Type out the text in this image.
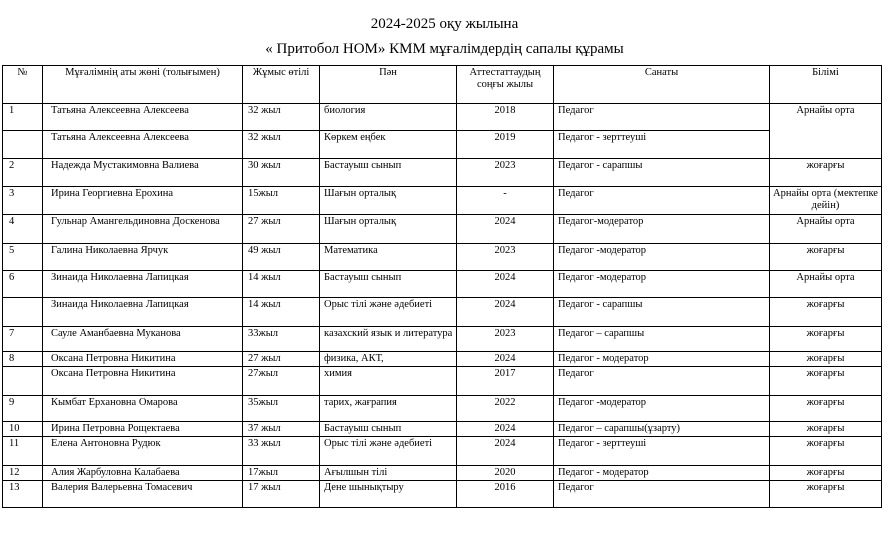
2024-2025 оқу жылына
« Притобол НОМ» КММ мұғалімдердің сапалы құрамы
№	Мұғалімнің аты жөні (толығымен)	Жұмыс өтілі	Пән	Аттестаттаудың соңғы жылы	Санаты	Білімі
1	Татьяна Алексеевна Алексеева	32 жыл	биология	2018	Педагог	Арнайы орта
	Татьяна Алексеевна Алексеева	32 жыл	Көркем еңбек	2019	Педагог - зерттеуші	
2	Надежда Мустакимовна Валиева	30 жыл	Бастауыш сынып	2023	Педагог - сарапшы	жоғарғы
3	Ирина Георгиевна Ерохина	15жыл	Шағын орталық	-	Педагог	Арнайы орта (мектепке дейін)
4	Гульнар Амангельдиновна Доскенова	27 жыл	Шағын орталық	2024	Педагог-модератор	Арнайы орта
5	Галина Николаевна Ярчук	49 жыл	Математика	2023	Педагог -модератор	жоғарғы
6	Зинаида Николаевна Лапицкая	14 жыл	Бастауыш сынып	2024	Педагог -модератор	Арнайы орта
	Зинаида Николаевна Лапицкая	14 жыл	Орыс тілі және әдебиеті	2024	Педагог - сарапшы	жоғарғы
7	Сауле Аманбаевна Муканова	33жыл	казахский язык и литература	2023	Педагог – сарапшы	жоғарғы
8	Оксана Петровна Никитина	27 жыл	физика, АКТ,	2024	Педагог - модератор	жоғарғы
	Оксана Петровна Никитина	27жыл	химия	2017	Педагог	жоғарғы
9	Кымбат Ерхановна Омарова	35жыл	тарих, жағрапия	2022	Педагог -модератор	жоғарғы
10	Ирина Петровна Рощектаева	37 жыл	Бастауыш сынып	2024	Педагог – сарапшы(ұзарту)	жоғарғы
11	Елена Антоновна Рудюк	33 жыл	Орыс тілі және әдебиеті	2024	Педагог - зерттеуші	жоғарғы
12	Алия Жарбуловна Калабаева	17жыл	Ағылшын тілі	2020	Педагог - модератор	жоғарғы
13	Валерия Валерьевна Томасевич	17 жыл	Дене шынықтыру	2016	Педагог	жоғарғы
